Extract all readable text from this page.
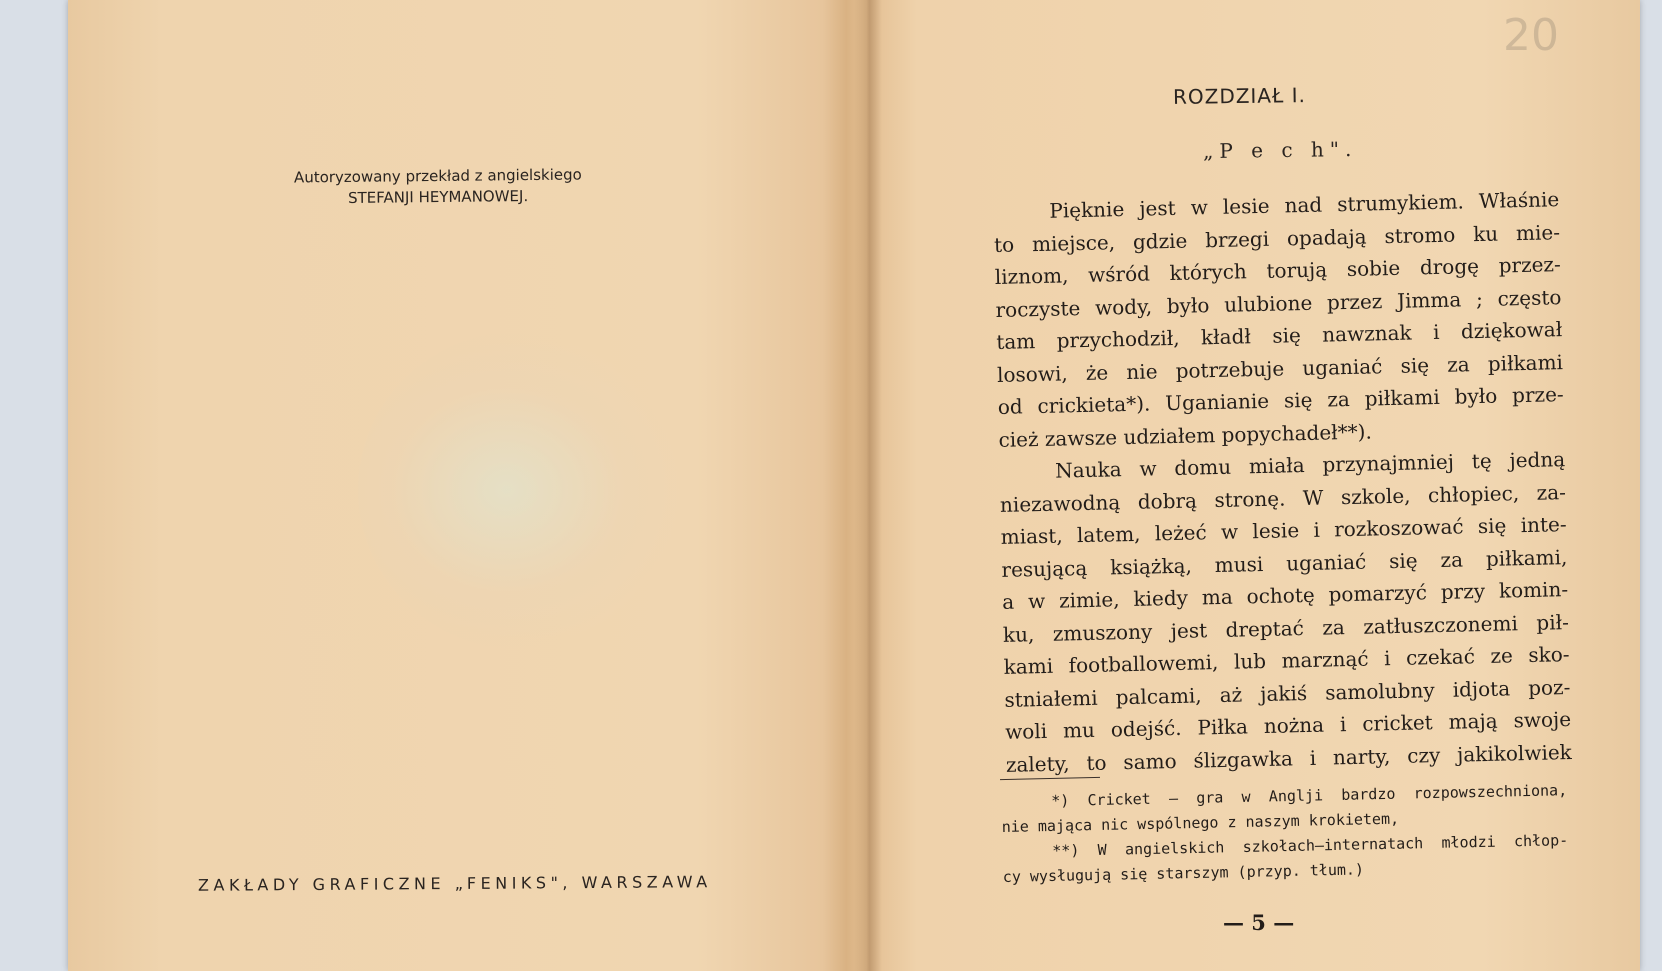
Autoryzowany przekład z angielskiego
STEFANJI HEYMANOWEJ.
ZAKŁADY GRAFICZNE „FENIKS", WARSZAWA
20
ROZDZIAŁ I.
„P e c h".
Pięknie jest w lesie nad strumykiem. Właśnie
to miejsce, gdzie brzegi opadają stromo ku mie-
liznom, wśród których torują sobie drogę przez-
roczyste wody, było ulubione przez Jimma ; często
tam przychodził, kładł się nawznak i dziękował
losowi, że nie potrzebuje uganiać się za piłkami
od crickieta*). Uganianie się za piłkami było prze-
cież zawsze udziałem popychadeł**).
Nauka w domu miała przynajmniej tę jedną
niezawodną dobrą stronę. W szkole, chłopiec, za-
miast, latem, leżeć w lesie i rozkoszować się inte-
resującą książką, musi uganiać się za piłkami,
a w zimie, kiedy ma ochotę pomarzyć przy komin-
ku, zmuszony jest dreptać za zatłuszczonemi pił-
kami footballowemi, lub marznąć i czekać ze sko-
stniałemi palcami, aż jakiś samolubny idjota poz-
woli mu odejść. Piłka nożna i cricket mają swoje
zalety, to samo ślizgawka i narty, czy jakikolwiek
*) Cricket — gra w Anglji bardzo rozpowszechniona,
nie mająca nic wspólnego z naszym krokietem,
**) W angielskich szkołach—internatach młodzi chłop-
cy wysługują się starszym (przyp. tłum.)
— 5 —
